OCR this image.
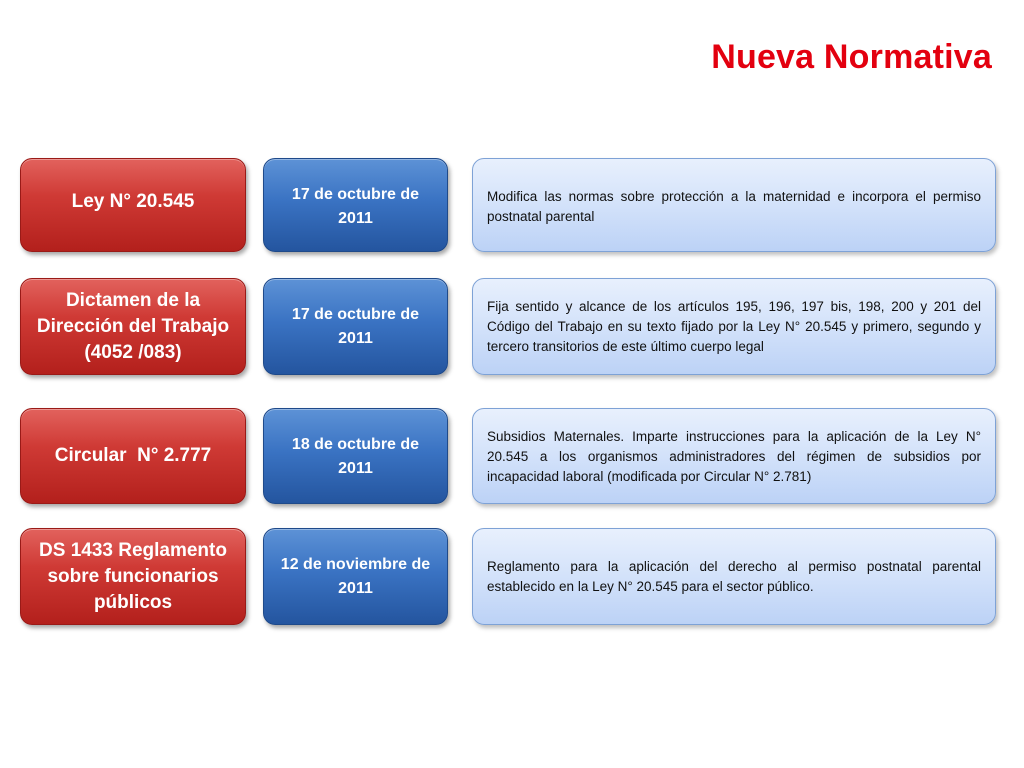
Nueva Normativa
Ley N° 20.545	17 de octubre de 2011
Modifica las normas sobre protección a la maternidad e incorpora el permiso postnatal parental
Dictamen de la Dirección del Trabajo (4052 /083)
17 de octubre de 2011
Fija sentido y alcance de los artículos 195, 196, 197 bis, 198, 200 y 201 del Código del Trabajo en su texto fijado por la Ley N° 20.545 y primero, segundo y tercero transitorios de este último cuerpo legal
Circular  N° 2.777
18 de octubre de 2011
Subsidios Maternales. Imparte instrucciones para la aplicación de la Ley N° 20.545 a los organismos administradores del régimen de subsidios por incapacidad laboral (modificada por Circular N° 2.781)
DS 1433 Reglamento sobre funcionarios públicos
12 de noviembre de 2011
Reglamento para la aplicación del derecho al permiso postnatal parental establecido en la Ley N° 20.545 para el sector público.
